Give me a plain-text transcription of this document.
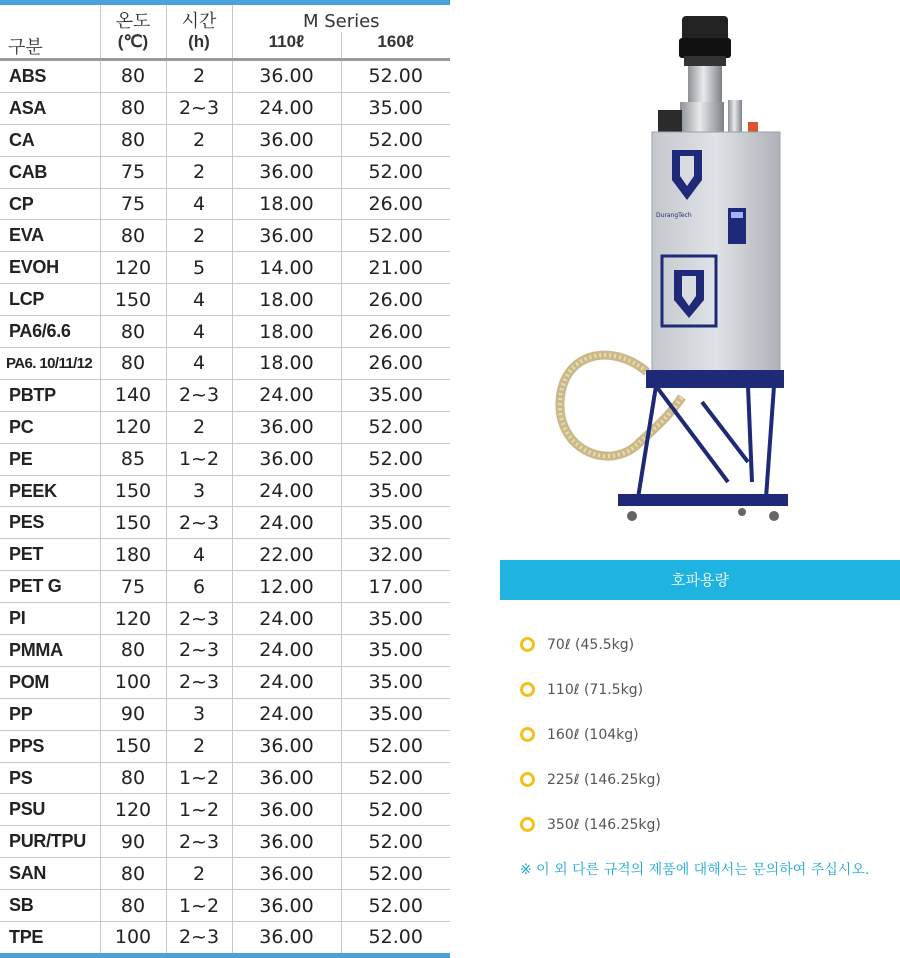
구분	온도	시간	M Series	
	(℃)	(h)	110ℓ	160ℓ
ABS	80	2	36.00	52.00
ASA	80	2~3	24.00	35.00
CA	80	2	36.00	52.00
CAB	75	2	36.00	52.00
CP	75	4	18.00	26.00
EVA	80	2	36.00	52.00
EVOH	120	5	14.00	21.00
LCP	150	4	18.00	26.00
PA6/6.6	80	4	18.00	26.00
PA6. 10/11/12	80	4	18.00	26.00
PBTP	140	2~3	24.00	35.00
PC	120	2	36.00	52.00
PE	85	1~2	36.00	52.00
PEEK	150	3	24.00	35.00
PES	150	2~3	24.00	35.00
PET	180	4	22.00	32.00
PET G	75	6	12.00	17.00
PI	120	2~3	24.00	35.00
PMMA	80	2~3	24.00	35.00
POM	100	2~3	24.00	35.00
PP	90	3	24.00	35.00
PPS	150	2	36.00	52.00
PS	80	1~2	36.00	52.00
PSU	120	1~2	36.00	52.00
PUR/TPU	90	2~3	36.00	52.00
SAN	80	2	36.00	52.00
SB	80	1~2	36.00	52.00
TPE	100	2~3	36.00	52.00
DurangTech
호파용량
70ℓ (45.5kg)
110ℓ (71.5kg)
160ℓ (104kg)
225ℓ (146.25kg)
350ℓ (146.25kg)
※ 이 외 다른 규격의 제품에 대해서는 문의하여 주십시오.
